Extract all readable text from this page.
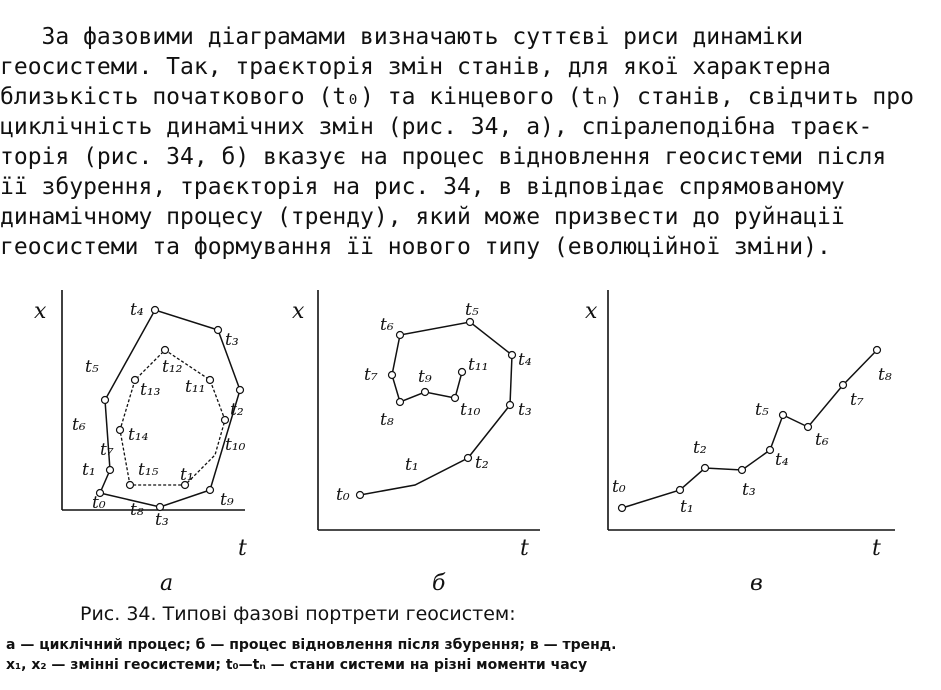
За фазовими діаграмами визначають суттєві риси динаміки
геосистеми. Так, траєкторія змін станів, для якої характерна
близькість початкового (t₀) та кінцевого (tₙ) станів, свідчить про
циклічність динамічних змін (рис. 34, а), спіралеподібна траєк-
торія (рис. 34, б) вказує на процес відновлення геосистеми після
її збурення, траєкторія на рис. 34, в відповідає спрямованому
динамічному процесу (тренду), який може призвести до руйнації
геосистеми та формування її нового типу (еволюційної зміни).
x
t
t₀
t₁	t₁
t₂
t₃
t₃
t₄
t₅
t₆
t₇
t₈	t₉
t₁₀
t₁₁
t₁₂
t₁₃
t₁₄
t₁₅
а
x
t
t₀
t₁	t₂
t₃
t₄
t₅
t₆
t₇
t₈
t₉
t₁₀
t₁₁
б
x
t
t₀
t₁
t₂
t₃
t₄
t₅
t₆
t₇
t₈
в
Рис. 34. Типові фазові портрети геосистем:
а — циклічний процес; б — процес відновлення після збурення; в — тренд.
x₁, x₂ — змінні геосистеми; t₀—tₙ — стани системи на різні моменти часу
